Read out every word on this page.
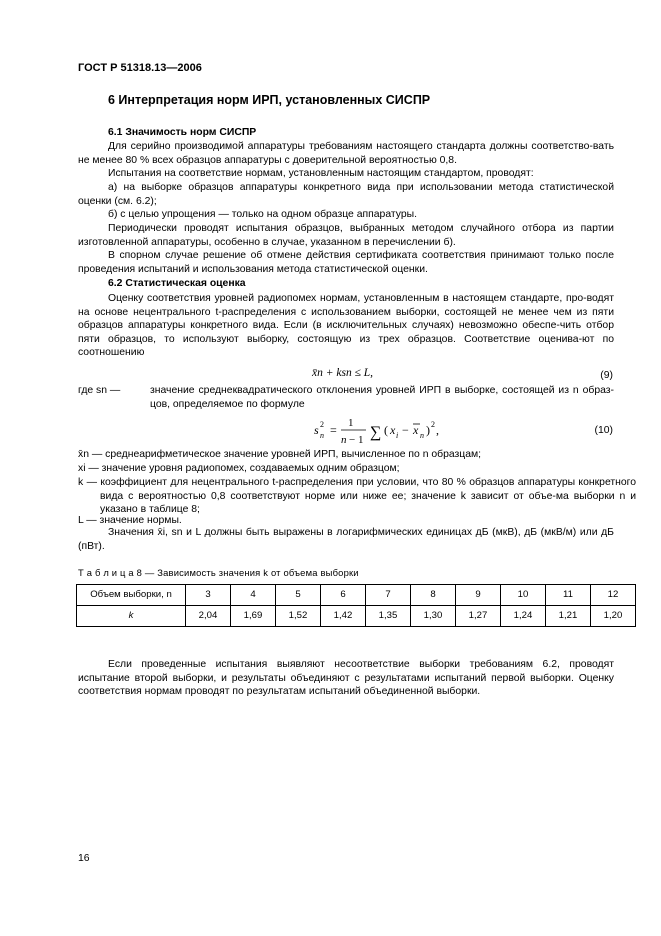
ГОСТ Р 51318.13—2006
6 Интерпретация норм ИРП, установленных СИСПР
6.1 Значимость норм СИСПР
Для серийно производимой аппаратуры требованиям настоящего стандарта должны соответство-вать не менее 80 % всех образцов аппаратуры с доверительной вероятностью 0,8.
Испытания на соответствие нормам, установленным настоящим стандартом, проводят:
а) на выборке образцов аппаратуры конкретного вида при использовании метода статистической оценки (см. 6.2);
б) с целью упрощения — только на одном образце аппаратуры.
Периодически проводят испытания образцов, выбранных методом случайного отбора из партии изготовленной аппаратуры, особенно в случае, указанном в перечислении б).
В спорном случае решение об отмене действия сертификата соответствия принимают только после проведения испытаний и использования метода статистической оценки.
6.2 Статистическая оценка
Оценку соответствия уровней радиопомех нормам, установленным в настоящем стандарте, про-водят на основе нецентрального t-распределения с использованием выборки, состоящей не менее чем из пяти образцов аппаратуры конкретного вида. Если (в исключительных случаях) невозможно обеспе-чить отбор пяти образцов, то используют выборку, состоящую из трех образцов. Соответствие оценива-ют по соотношению
x̄n + ksn ≤ L,	(9)
где sn —	значение среднеквадратического отклонения уровней ИРП в выборке, состоящей из n образ-цов, определяемое по формуле
s n
2 = 1
n − 1 ∑ ( x i − x n ) 2 ,	(10)
x̄n — среднеарифметическое значение уровней ИРП, вычисленное по n образцам;
xi — значение уровня радиопомех, создаваемых одним образцом;
k — коэффициент для нецентрального t-распределения при условии, что 80 % образцов аппаратуры конкретного вида с вероятностью 0,8 соответствуют норме или ниже ее; значение k зависит от объе-ма выборки n и указано в таблице 8;
L — значение нормы.
Значения x̄i, sn и L должны быть выражены в логарифмических единицах дБ (мкВ), дБ (мкВ/м) или дБ (пВт).
Т а б л и ц а 8 — Зависимость значения k от объема выборки
Объем выборки, n	3	4	5	6	7	8	9	10	11	12
k	2,04	1,69	1,52	1,42	1,35	1,30	1,27	1,24	1,21	1,20
Если проведенные испытания выявляют несоответствие выборки требованиям 6.2, проводят испытание второй выборки, и результаты объединяют с результатами испытаний первой выборки. Оценку соответствия нормам проводят по результатам испытаний объединенной выборки.
16
